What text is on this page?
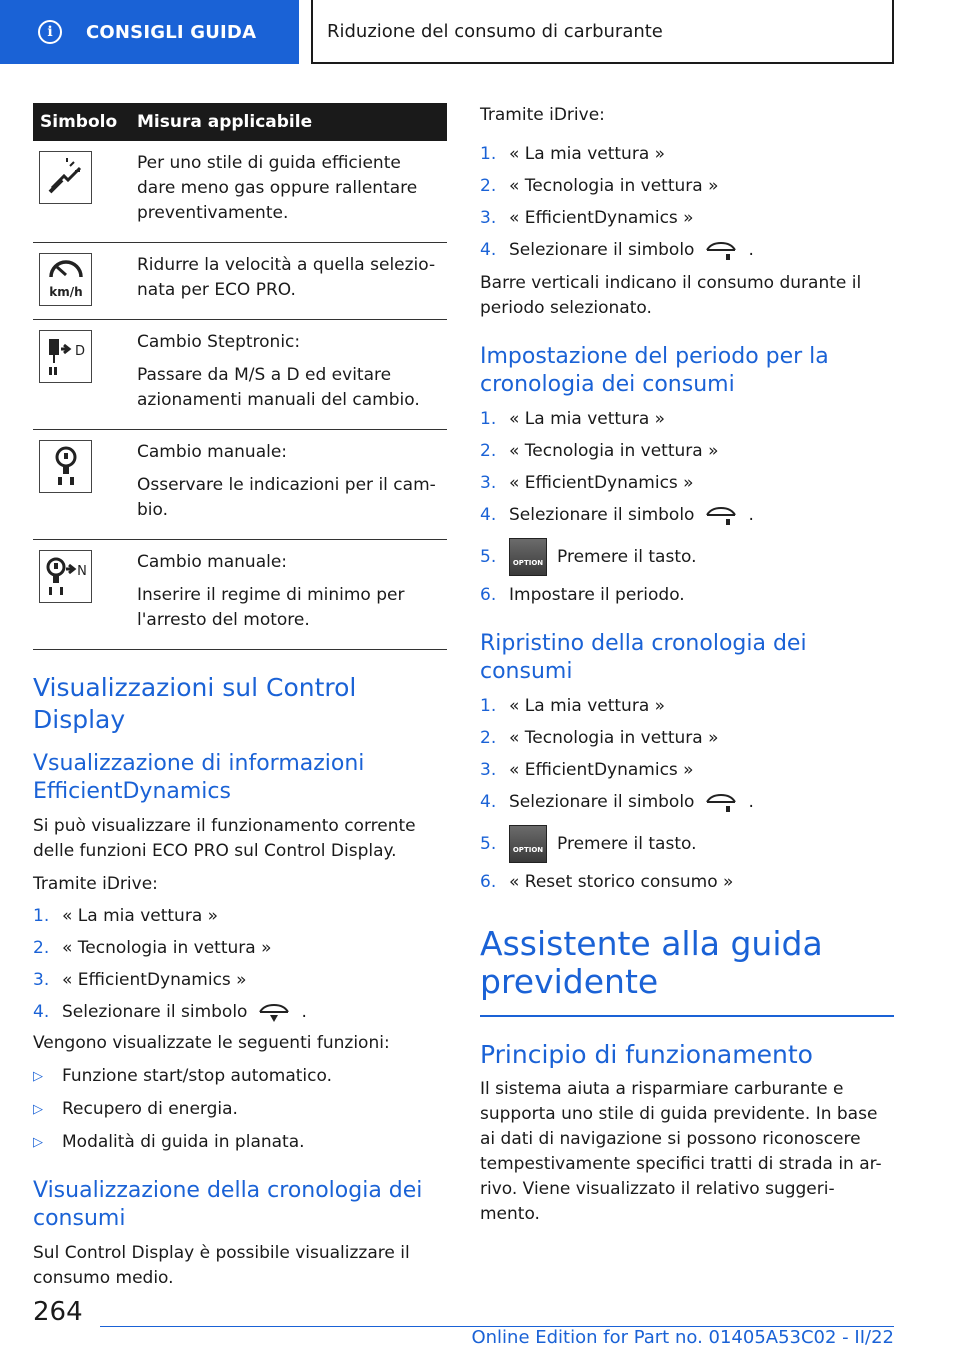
i	CONSIGLI GUIDA	Riduzione del consumo di carburante
Simbolo	Misura applicabile

Per uno stile di guida efficiente dare meno gas oppure rallentare preventivamente.

km/h	Ridurre la velocità a quella selezio-nata per ECO PRO.

D	Cambio Steptronic:

Passare da M/S a D ed evitare azionamenti manuali del cambio.

Cambio manuale:

Osservare le indicazioni per il cam-bio.

N	Cambio manuale:

Inserire il regime di minimo per l'arresto del motore.

Visualizzazioni sul Control Display
Vsualizzazione di informazioni EfficientDynamics

Si può visualizzare il funzionamento corrente delle funzioni ECO PRO sul Control Display.

Tramite iDrive:

1. « La mia vettura »
2. « Tecnologia in vettura »
3. « EfficientDynamics »
4. Selezionare il simbolo	.

Vengono visualizzate le seguenti funzioni:

▷	Funzione start/stop automatico.
▷	Recupero di energia.
▷	Modalità di guida in planata.
Visualizzazione della cronologia dei consumi

Sul Control Display è possibile visualizzare il consumo medio.

Tramite iDrive:

1. « La mia vettura »
2. « Tecnologia in vettura »
3. « EfficientDynamics »
4. Selezionare il simbolo	.

Barre verticali indicano il consumo durante il periodo selezionato.

Impostazione del periodo per la cronologia dei consumi
1. « La mia vettura »
2. « Tecnologia in vettura »
3. « EfficientDynamics »
4. Selezionare il simbolo	.
5.	OPTION Premere il tasto.
6. Impostare il periodo.
Ripristino della cronologia dei consumi
1. « La mia vettura »
2. « Tecnologia in vettura »
3. « EfficientDynamics »
4. Selezionare il simbolo	.
5.	OPTION Premere il tasto.
6. « Reset storico consumo »
Assistente alla guida previdente
Principio di funzionamento

Il sistema aiuta a risparmiare carburante e supporta uno stile di guida previdente. In base ai dati di navigazione si possono riconoscere tempestivamente specifici tratti di strada in ar-rivo. Viene visualizzato il relativo suggeri-mento.

264
Online Edition for Part no. 01405A53C02 - II/22
